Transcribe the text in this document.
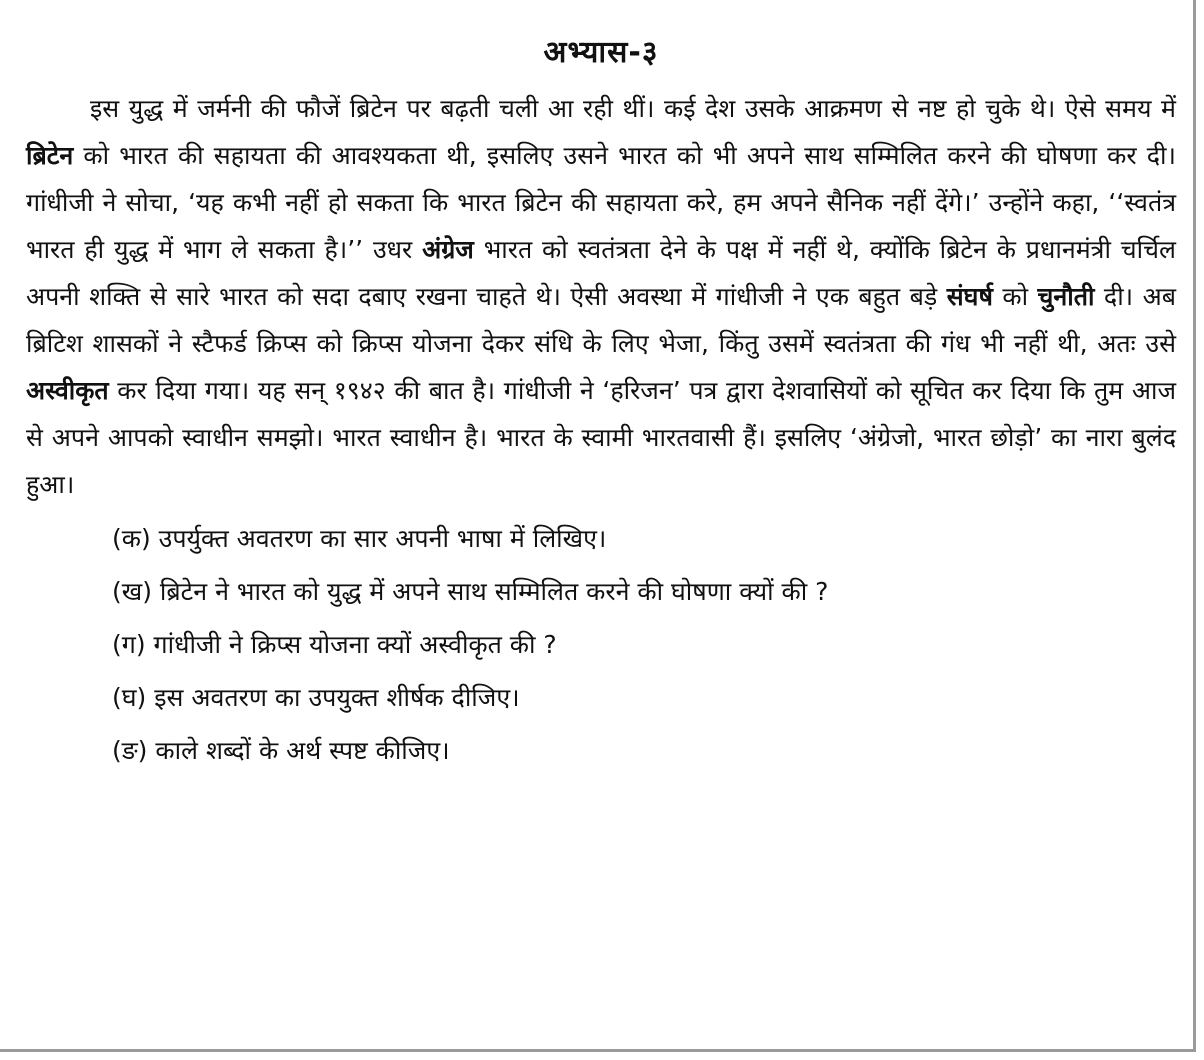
अभ्यास-३

इस युद्ध में जर्मनी की फौजें ब्रिटेन पर बढ़ती चली आ रही थीं। कई देश उसके आक्रमण से नष्ट हो चुके थे। ऐसे समय में ब्रिटेन को भारत की सहायता की आवश्यकता थी, इसलिए उसने भारत को भी अपने साथ सम्मिलित करने की घोषणा कर दी। गांधीजी ने सोचा, ‘यह कभी नहीं हो सकता कि भारत ब्रिटेन की सहायता करे, हम अपने सैनिक नहीं देंगे।’ उन्होंने कहा, ‘‘स्वतंत्र भारत ही युद्ध में भाग ले सकता है।’’ उधर अंग्रेज भारत को स्वतंत्रता देने के पक्ष में नहीं थे, क्योंकि ब्रिटेन के प्रधानमंत्री चर्चिल अपनी शक्ति से सारे भारत को सदा दबाए रखना चाहते थे। ऐसी अवस्था में गांधीजी ने एक बहुत बड़े संघर्ष को चुनौती दी। अब ब्रिटिश शासकों ने स्टैफर्ड क्रिप्स को क्रिप्स योजना देकर संधि के लिए भेजा, किंतु उसमें स्वतंत्रता की गंध भी नहीं थी, अतः उसे अस्वीकृत कर दिया गया। यह सन् १९४२ की बात है। गांधीजी ने ‘हरिजन’ पत्र द्वारा देशवासियों को सूचित कर दिया कि तुम आज से अपने आपको स्वाधीन समझो। भारत स्वाधीन है। भारत के स्वामी भारतवासी हैं। इसलिए ‘अंग्रेजो, भारत छोड़ो’ का नारा बुलंद हुआ।

(क) उपर्युक्त अवतरण का सार अपनी भाषा में लिखिए।
(ख) ब्रिटेन ने भारत को युद्ध में अपने साथ सम्मिलित करने की घोषणा क्यों की ?
(ग) गांधीजी ने क्रिप्स योजना क्यों अस्वीकृत की ?
(घ) इस अवतरण का उपयुक्त शीर्षक दीजिए।
(ङ) काले शब्दों के अर्थ स्पष्ट कीजिए।
